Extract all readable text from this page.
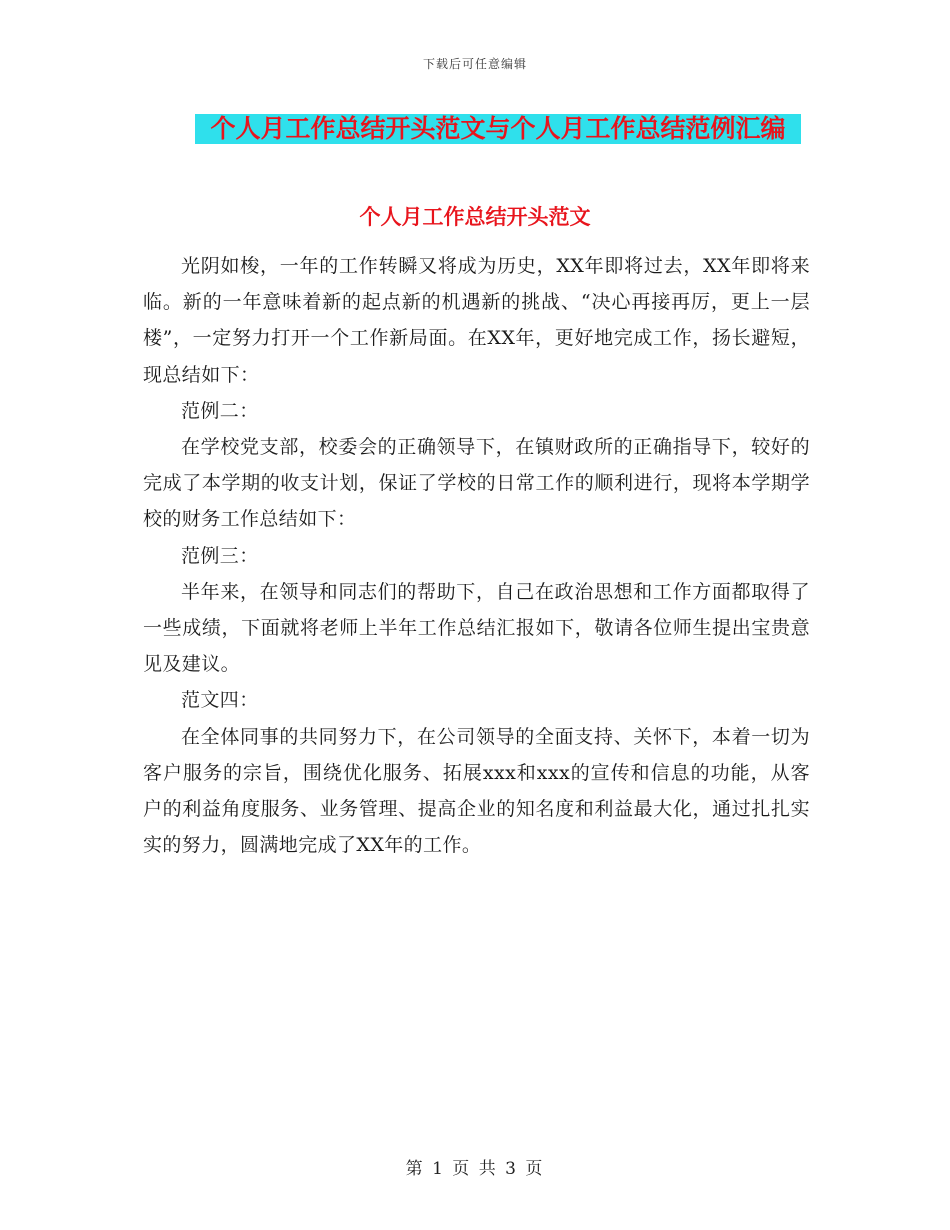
下载后可任意编辑
个人月工作总结开头范文与个人月工作总结范例汇编
个人月工作总结开头范文

光阴如梭，一年的工作转瞬又将成为历史，XX年即将过去，XX年即将来临。新的一年意味着新的起点新的机遇新的挑战、“决心再接再厉，更上一层楼”，一定努力打开一个工作新局面。在XX年，更好地完成工作，扬长避短，现总结如下：

范例二：

在学校党支部，校委会的正确领导下，在镇财政所的正确指导下，较好的完成了本学期的收支计划，保证了学校的日常工作的顺利进行，现将本学期学校的财务工作总结如下：

范例三：

半年来，在领导和同志们的帮助下，自己在政治思想和工作方面都取得了一些成绩，下面就将老师上半年工作总结汇报如下，敬请各位师生提出宝贵意见及建议。

范文四：

在全体同事的共同努力下，在公司领导的全面支持、关怀下，本着一切为客户服务的宗旨，围绕优化服务、拓展xxx和xxx的宣传和信息的功能，从客户的利益角度服务、业务管理、提高企业的知名度和利益最大化，通过扎扎实实的努力，圆满地完成了XX年的工作。

第 1 页 共 3 页
